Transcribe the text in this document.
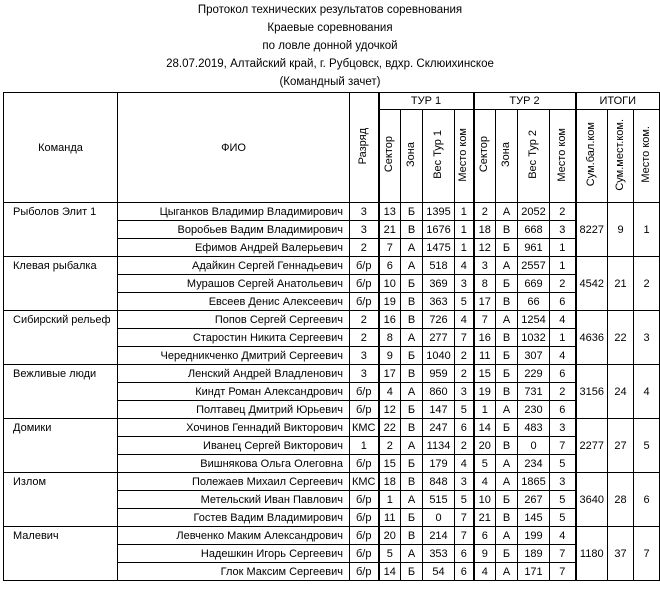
Протокол технических результатов соревнования
Краевые соревнования
по ловле донной удочкой
28.07.2019, Алтайский край, г. Рубцовск, вдхр. Склюихинское
(Командный зачет)
Команда	ФИО	Разряд	ТУР 1				ТУР 2				ИТОГИ		
			Сектор	Зона	Вес Тур 1	Место ком	Сектор	Зона	Вес Тур 2	Место ком	Сум.бал.ком	Сум.мест.ком.	Место ком.
Рыболов Элит 1	Цыганков Владимир Владимирович	3	13	Б	1395	1	2	А	2052	2	8227	9	1
	Воробьев Вадим Владимирович	3	21	В	1676	1	18	В	668	3			
	Ефимов Андрей Валерьевич	2	7	А	1475	1	12	Б	961	1			
Клевая рыбалка	Адайкин Сергей Геннадьевич	б/р	6	А	518	4	3	А	2557	1	4542	21	2
	Мурашов Сергей Анатольевич	б/р	10	Б	369	3	8	Б	669	2			
	Евсеев Денис Алексеевич	б/р	19	В	363	5	17	В	66	6			
Сибирский рельеф	Попов Сергей Сергеевич	2	16	В	726	4	7	А	1254	4	4636	22	3
	Старостин Никита Сергеевич	2	8	А	277	7	16	В	1032	1			
	Чередникченко Дмитрий Сергеевич	3	9	Б	1040	2	11	Б	307	4			
Вежливые люди	Ленский Андрей Владленович	3	17	В	959	2	15	Б	229	6	3156	24	4
	Киндт Роман Александрович	б/р	4	А	860	3	19	В	731	2			
	Полтавец Дмитрий Юрьевич	б/р	12	Б	147	5	1	А	230	6			
Домики	Хочинов Геннадий Викторович	КМС	22	В	247	6	14	Б	483	3	2277	27	5
	Иванец Сергей Викторович	1	2	А	1134	2	20	В	0	7			
	Вишнякова Ольга Олеговна	б/р	15	Б	179	4	5	А	234	5			
Излом	Полежаев Михаил Сергеевич	КМС	18	В	848	3	4	А	1865	3	3640	28	6
	Метельский Иван Павлович	б/р	1	А	515	5	10	Б	267	5			
	Гостев Вадим Владимирович	б/р	11	Б	0	7	21	В	145	5			
Малевич	Левченко Маким Александрович	б/р	20	В	214	7	6	А	199	4	1180	37	7
	Надешкин Игорь Сергеевич	б/р	5	А	353	6	9	Б	189	7			
	Глок Максим Сергеевич	б/р	14	Б	54	6	4	А	171	7			
